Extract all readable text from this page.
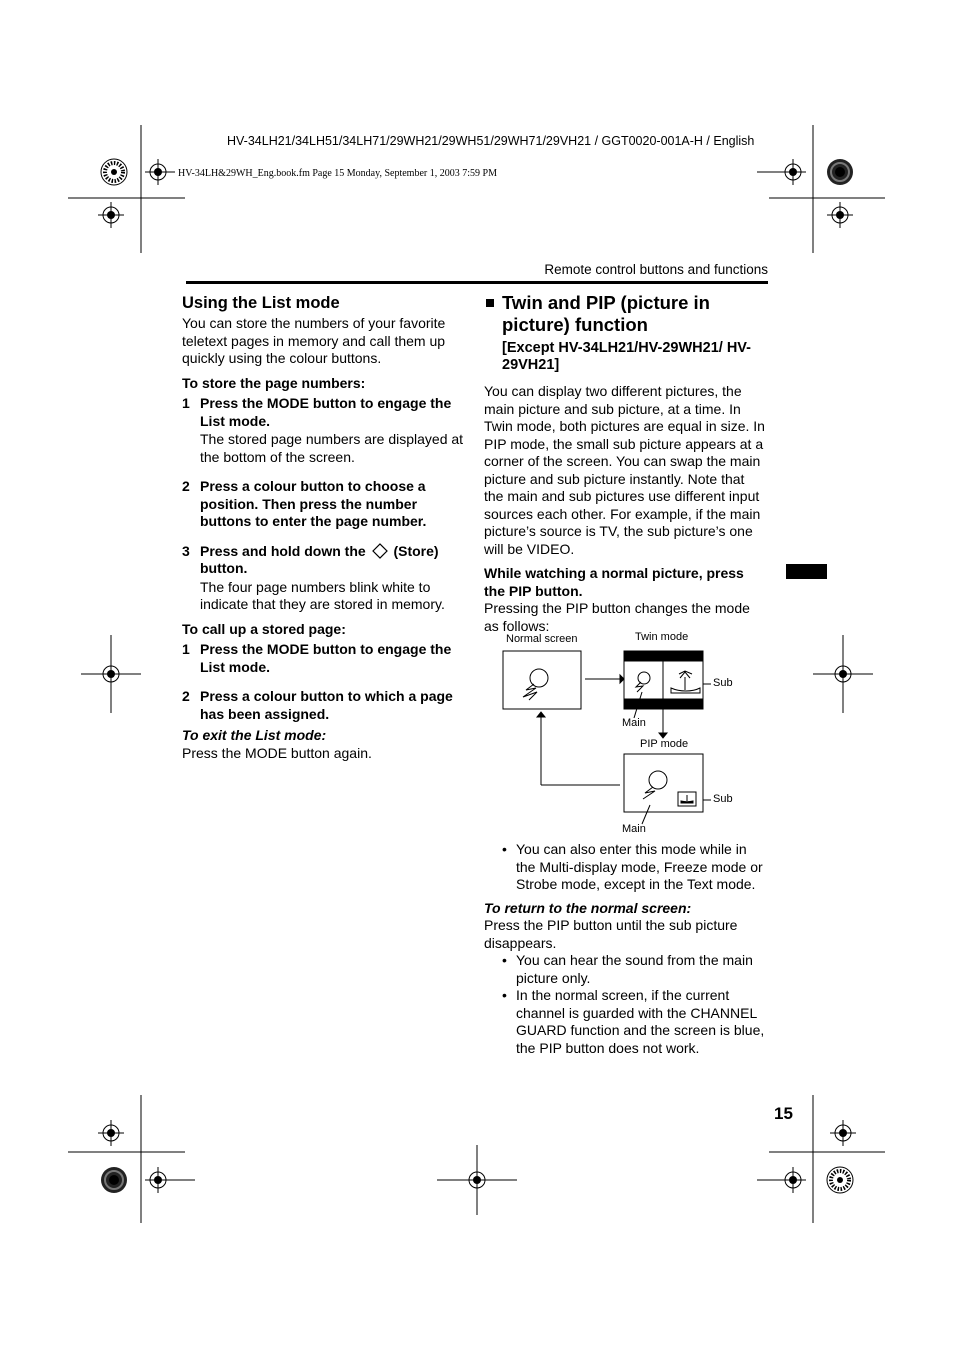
HV-34LH21/34LH51/34LH71/29WH21/29WH51/29WH71/29VH21 / GGT0020-001A-H / English
HV-34LH&29WH_Eng.book.fm Page 15 Monday, September 1, 2003 7:59 PM
Remote control buttons and functions
15

Using the List mode

You can store the numbers of your favorite teletext pages in memory and call them up quickly using the colour buttons.

To store the page numbers:

1 Press the MODE button to engage the List mode.

The stored page numbers are displayed at the bottom of the screen.

2 Press a colour button to choose a position. Then press the number buttons to enter the page number.
3 Press and hold down the (Store) button.

The four page numbers blink white to indicate that they are stored in memory.

To call up a stored page:

1 Press the MODE button to engage the List mode.
2 Press a colour button to which a page has been assigned.

To exit the List mode:

Press the MODE button again.

Twin and PIP (picture in picture) function

[Except HV-34LH21/HV-29WH21/ HV-29VH21]

You can display two different pictures, the main picture and sub picture, at a time. In Twin mode, both pictures are equal in size. In PIP mode, the small sub picture appears at a corner of the screen. You can swap the main picture and sub picture instantly. Note that the main and sub pictures use different input sources each other. For example, if the main picture’s source is TV, the sub picture’s one will be VIDEO.

While watching a normal picture, press the PIP button.

Pressing the PIP button changes the mode as follows:

Normal screen	Twin mode
Sub
Main
PIP mode
Sub
Main
• You can also enter this mode while in the Multi-display mode, Freeze mode or Strobe mode, except in the Text mode.

To return to the normal screen:

Press the PIP button until the sub picture disappears.

• You can hear the sound from the main picture only.
• In the normal screen, if the current channel is guarded with the CHANNEL GUARD function and the screen is blue, the PIP button does not work.
